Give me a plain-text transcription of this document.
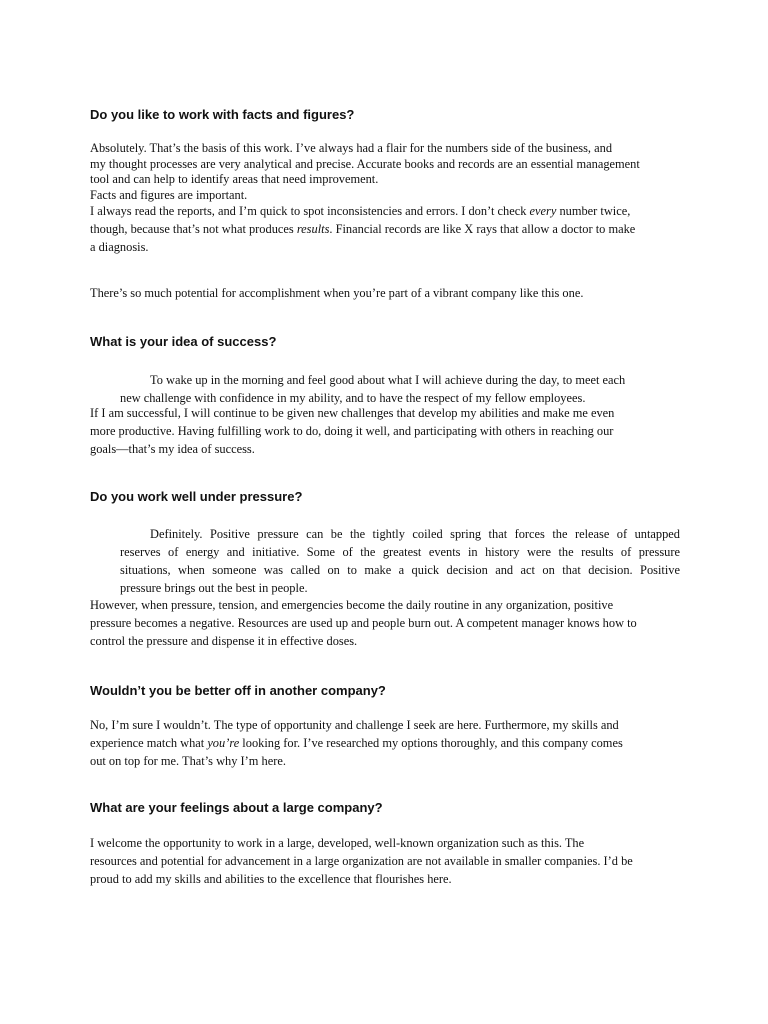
Do you like to work with facts and figures?
Absolutely. That’s the basis of this work. I’ve always had a flair for the numbers side of the business, and
my thought processes are very analytical and precise. Accurate books and records are an essential management
tool and can help to identify areas that need improvement.
Facts and figures are important.
I always read the reports, and I’m quick to spot inconsistencies and errors. I don’t check every number twice,
though, because that’s not what produces results. Financial records are like X rays that allow a doctor to make
a diagnosis.
There’s so much potential for accomplishment when you’re part of a vibrant company like this one.
What is your idea of success?
To wake up in the morning and feel good about what I will achieve during the day, to meet each
new challenge with confidence in my ability, and to have the respect of my fellow employees.
If I am successful, I will continue to be given new challenges that develop my abilities and make me even
more productive. Having fulfilling work to do, doing it well, and participating with others in reaching our
goals—that’s my idea of success.
Do you work well under pressure?
Definitely. Positive pressure can be the tightly coiled spring that forces the release of untapped
reserves of energy and initiative. Some of the greatest events in history were the results of pressure
situations, when someone was called on to make a quick decision and act on that decision. Positive
pressure brings out the best in people.
However, when pressure, tension, and emergencies become the daily routine in any organization, positive
pressure becomes a negative. Resources are used up and people burn out. A competent manager knows how to
control the pressure and dispense it in effective doses.
Wouldn’t you be better off in another company?
No, I’m sure I wouldn’t. The type of opportunity and challenge I seek are here. Furthermore, my skills and
experience match what you’re looking for. I’ve researched my options thoroughly, and this company comes
out on top for me. That’s why I’m here.
What are your feelings about a large company?
I welcome the opportunity to work in a large, developed, well-known organization such as this. The
resources and potential for advancement in a large organization are not available in smaller companies. I’d be
proud to add my skills and abilities to the excellence that flourishes here.
